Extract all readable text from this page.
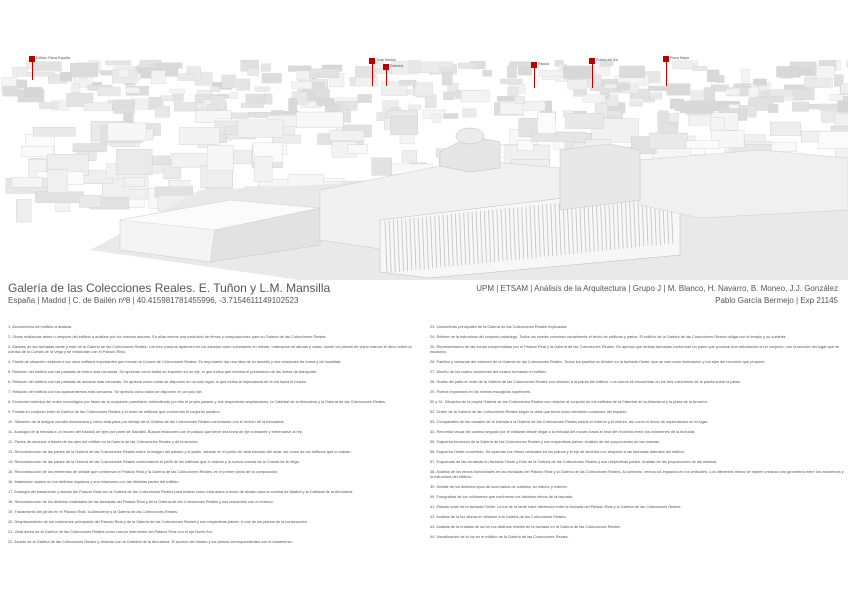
Edificio Plaza España	Torre Madrid
Catedral	Palacio
Puerta del Sol	Plaza Mayor
Galería de las Colecciones Reales. E. Tuñon y L.M. Mansilla
España | Madrid | C. de Bailén nº8 | 40.415981781455996, -3.7154611149102523
UPM | ETSAM | Análisis de la Arquitectura | Grupo J | M. Blanco, H. Navarro, B. Moneo, J.J. González
Pablo García Bermejo | Exp 21145

1. Axonometría del edificio a analizar.

2. Obras realizadas antes o después del edificio a analizar por los mismos autores. En ellas vemos una evolución de ritmos y composiciones para su Galería de las Colecciones Reales.

3. Alzados de las fachadas oeste y este de la Galería de las Colecciones Reales. Los tres cuerpos aparecen en los alzados como volúmenes en hileras, ordenados en alturas y cotas, donde los planos de vidrio marcan el ritmo sobre la cornisa de la Cuesta de la Vega y se relacionan con el Palacio Real.

4. Planta de situación respecto a los otros edificios importantes que forman la Corona de Colecciones Reales. Es importante dar una idea de su tamaño y sus relaciones de forma y de localidad.

5. Relación del edificio con las paradas de metro más cercanas. Se aprecian cómo todas se imponen en un eje, lo que indica que domina el predominio de las líneas de transporte.

6. Relación del edificio con las paradas de autobús más cercanas. Se aprecia cómo todas se disponen en un solo lugar, lo que indica la importancia de la vía hacia el museo.

7. Relación del edificio con los aparcamientos más cercanos. Se aprecia cómo todos se disponen en un solo eje.

8. Evolución histórica del orden cronológico por fases de la ocupación parcelaria, entendiendo por ello el propio palacio y sus respectivas ampliaciones, la Catedral de la Almudena y la Galería de las Colecciones Reales.

9. Puesta en conjunto entre la Galería de las Colecciones Reales y el resto de edificios que conforman el conjunto palatino.

10. Situación de la antigua muralla musulmana y cómo esta pasa por debajo de la Galería de las Colecciones Reales conectando con el recinto de la Almudena.

11. Analogía de la entrada a un museo del trazado de ejes por parte de Sabatini. Buscar relaciones con el palacio que tiene una línea de eje constante y enfrentarse al rey.

12. Partes de accesos a través de los ejes del edificio en la Galería de las Colecciones Reales y de la sección.

13. Reconstrucción de las partes de la Galería de las Colecciones Reales sobre la imagen del palacio y el jardín, situado en el punto de vista elevado del solar, así como de los edificios que lo rodean.

14. Reconstrucción de las partes de la Galería de las Colecciones Reales conformando el perfil de los edificios que lo rodean y la nueva cornisa de la Cuesta de la Vega.

15. Reconstrucción de los elementos de detalle que conforman el Palacio Real y la Galería de las Colecciones Reales, en el primer plano de la composición.

16. Materiales usados en los distintos espacios y sus relaciones con las distintas partes del edificio.

17. Analogía del basamento y alzado del Palacio Real con la Galería de las Colecciones Reales para ilustrar cómo esta actúa a modo de alzado para la cornisa de Madrid y la Catedral de la Almudena.

18. Reconstrucción de los distintos materiales de las fachadas del Palacio Real y de la Galería de las Colecciones Reales y sus relaciones con el entorno.

19. Trazamiento del jardín en el Palacio Real, la Almudena y la Galería de las Colecciones Reales.

20. Desplazamiento de los volúmenes principales del Palacio Real y de la Galería de las Colecciones Reales y sus respectivas partes. A raíz de los planos de la construcción.

21. Vista aérea de la Galería de las Colecciones Reales como cuerpo intermedio del Palacio Real con el eje Norte-Sur.

22. Alzado de la Galería de las Colecciones Reales y relación con la Catedral de la Almudena. El acceso del museo y los planos correspondientes con el basamento.

23. Volumetrías principales de la Galería de las Colecciones Reales explicadas.

24. Relieve de la estructura del conjunto palaciego. Todos los niveles conectan visualmente el techo de edificios y patios. El edificio de la Galería de las Colecciones Reales obliga con el templo y su cubierta.

25. Representación de las zonas comprendidas por el Palacio Real y la Galería de las Colecciones Reales. Se aprecia que ambas fachadas conforman un plano que produce una articulación en el conjunto, con la sección del lugar que se escalona.

26. Pasillos y ventanas del volumen de la Galería de las Colecciones Reales. Todos los pasillos se dividen en la fachada Oeste, que se usa como iluminación y los ejes del recorrido que propone.

27. Diseño de los cuatro volúmenes del museo formando el edificio.

28. Huella del patio al norte de la Galería de las Colecciones Reales con relación a la planta del edificio. Los muros se encuentran en los tres volúmenes de la planta sobre la plaza.

29. Puntos expuestos en los niveles escogidos superiores.

30 y 31. Situación de la propia Galería de las Colecciones Reales con relación al conjunto de los edificios de la Catedral de la Almudena y la plaza de la Armería.

32. Orden de la Galería de las Colecciones Reales según la vista que tenía como elemento conductor del espacio.

33. Comparativa de las visuales de la entrada a la Galería de las Colecciones Reales desde el exterior y el interior, así como el modo de implantación en el lugar.

34. Recorrido visual del camino seguido por el visitante desde llegar a la entrada del museo hasta el final del recorrido entre los volúmenes de la fachada.

35. Esquema funcional de la Galería de las Colecciones Reales y sus respectivas partes. Análisis de las proporciones de las mismas.

36. Esquema Oeste convertido. Se aprecian los ritmos verticales en los planos y el eje de simetría con respecto a las fachadas laterales del edificio.

37. Esquemas de las ventanas en fachada Oeste y Este de la Galería de las Colecciones Reales y sus respectivas partes. Análisis de las proporciones de las mismas.

38. Análisis de los ritmos horizontales en las fachadas del Palacio Real y la Galería de las Colecciones Reales. Al contrario, vemos los espacios en los verticales. Los diferentes ritmos se repiten creando una geometría entre los volúmenes y la estructura del edificio.

39. Detalle de los distintos tipos de lucernarios de cubierta, su interior y exterior.

40. Fotografías de los volúmenes que conforman los distintos ritmos de la fachada.

41. Estudio solar de la fachada Oeste. La luz de la tarde hace diferencia entre la fachada del Palacio Real y la Galería de las Colecciones Reales.

42. Análisis de la luz diurna en relación a la Galería de las Colecciones Reales.

43. Análisis de la entrada de luz en los distintos niveles de la fachada en la Galería de las Colecciones Reales.

44. Visualización de la luz en el edificio de la Galería de las Colecciones Reales.
